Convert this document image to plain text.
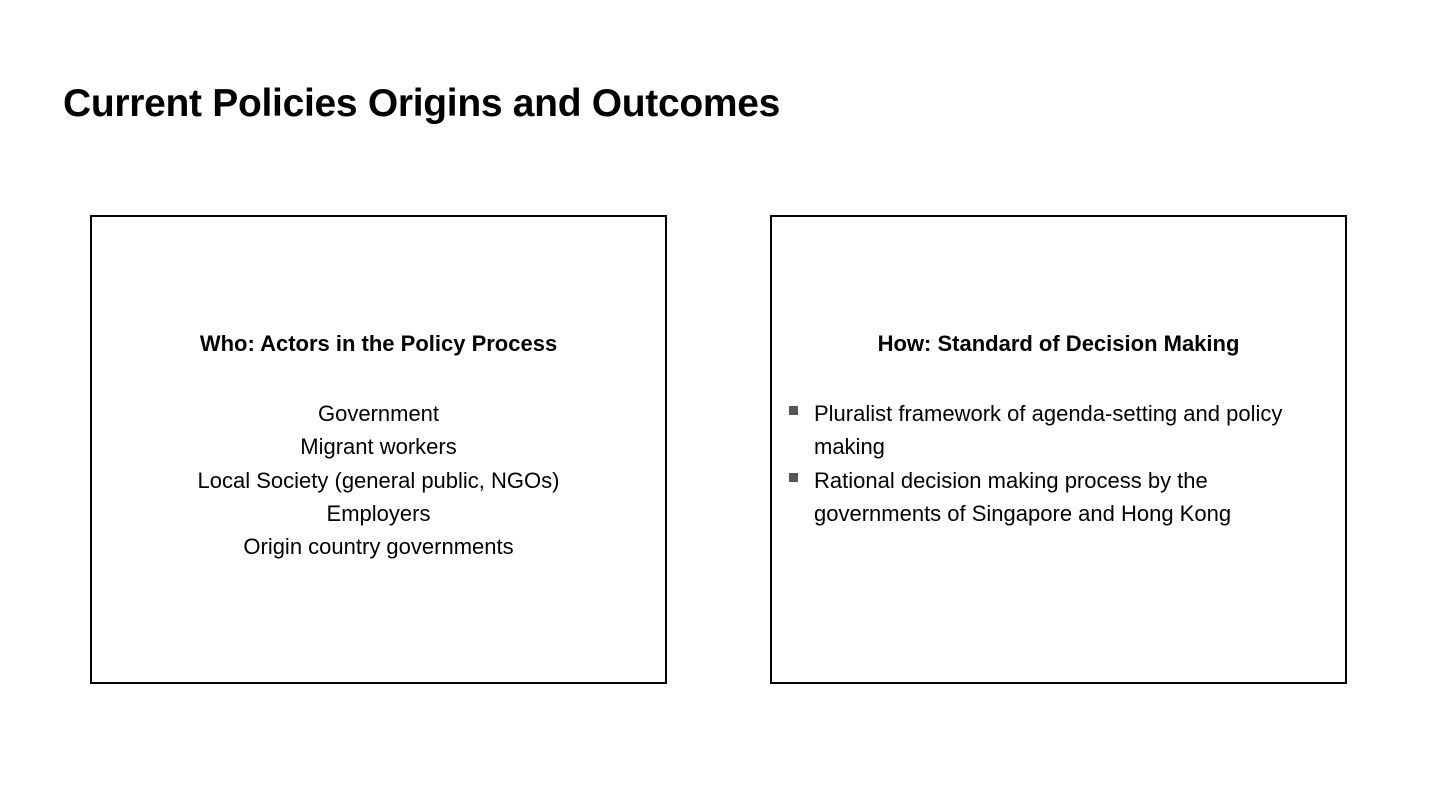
Current Policies Origins and Outcomes
Who: Actors in the Policy Process
Government
Migrant workers
Local Society (general public, NGOs)
Employers
Origin country governments
How: Standard of Decision Making
Pluralist framework of agenda-setting and policy making
Rational decision making process by the governments of Singapore and Hong Kong
